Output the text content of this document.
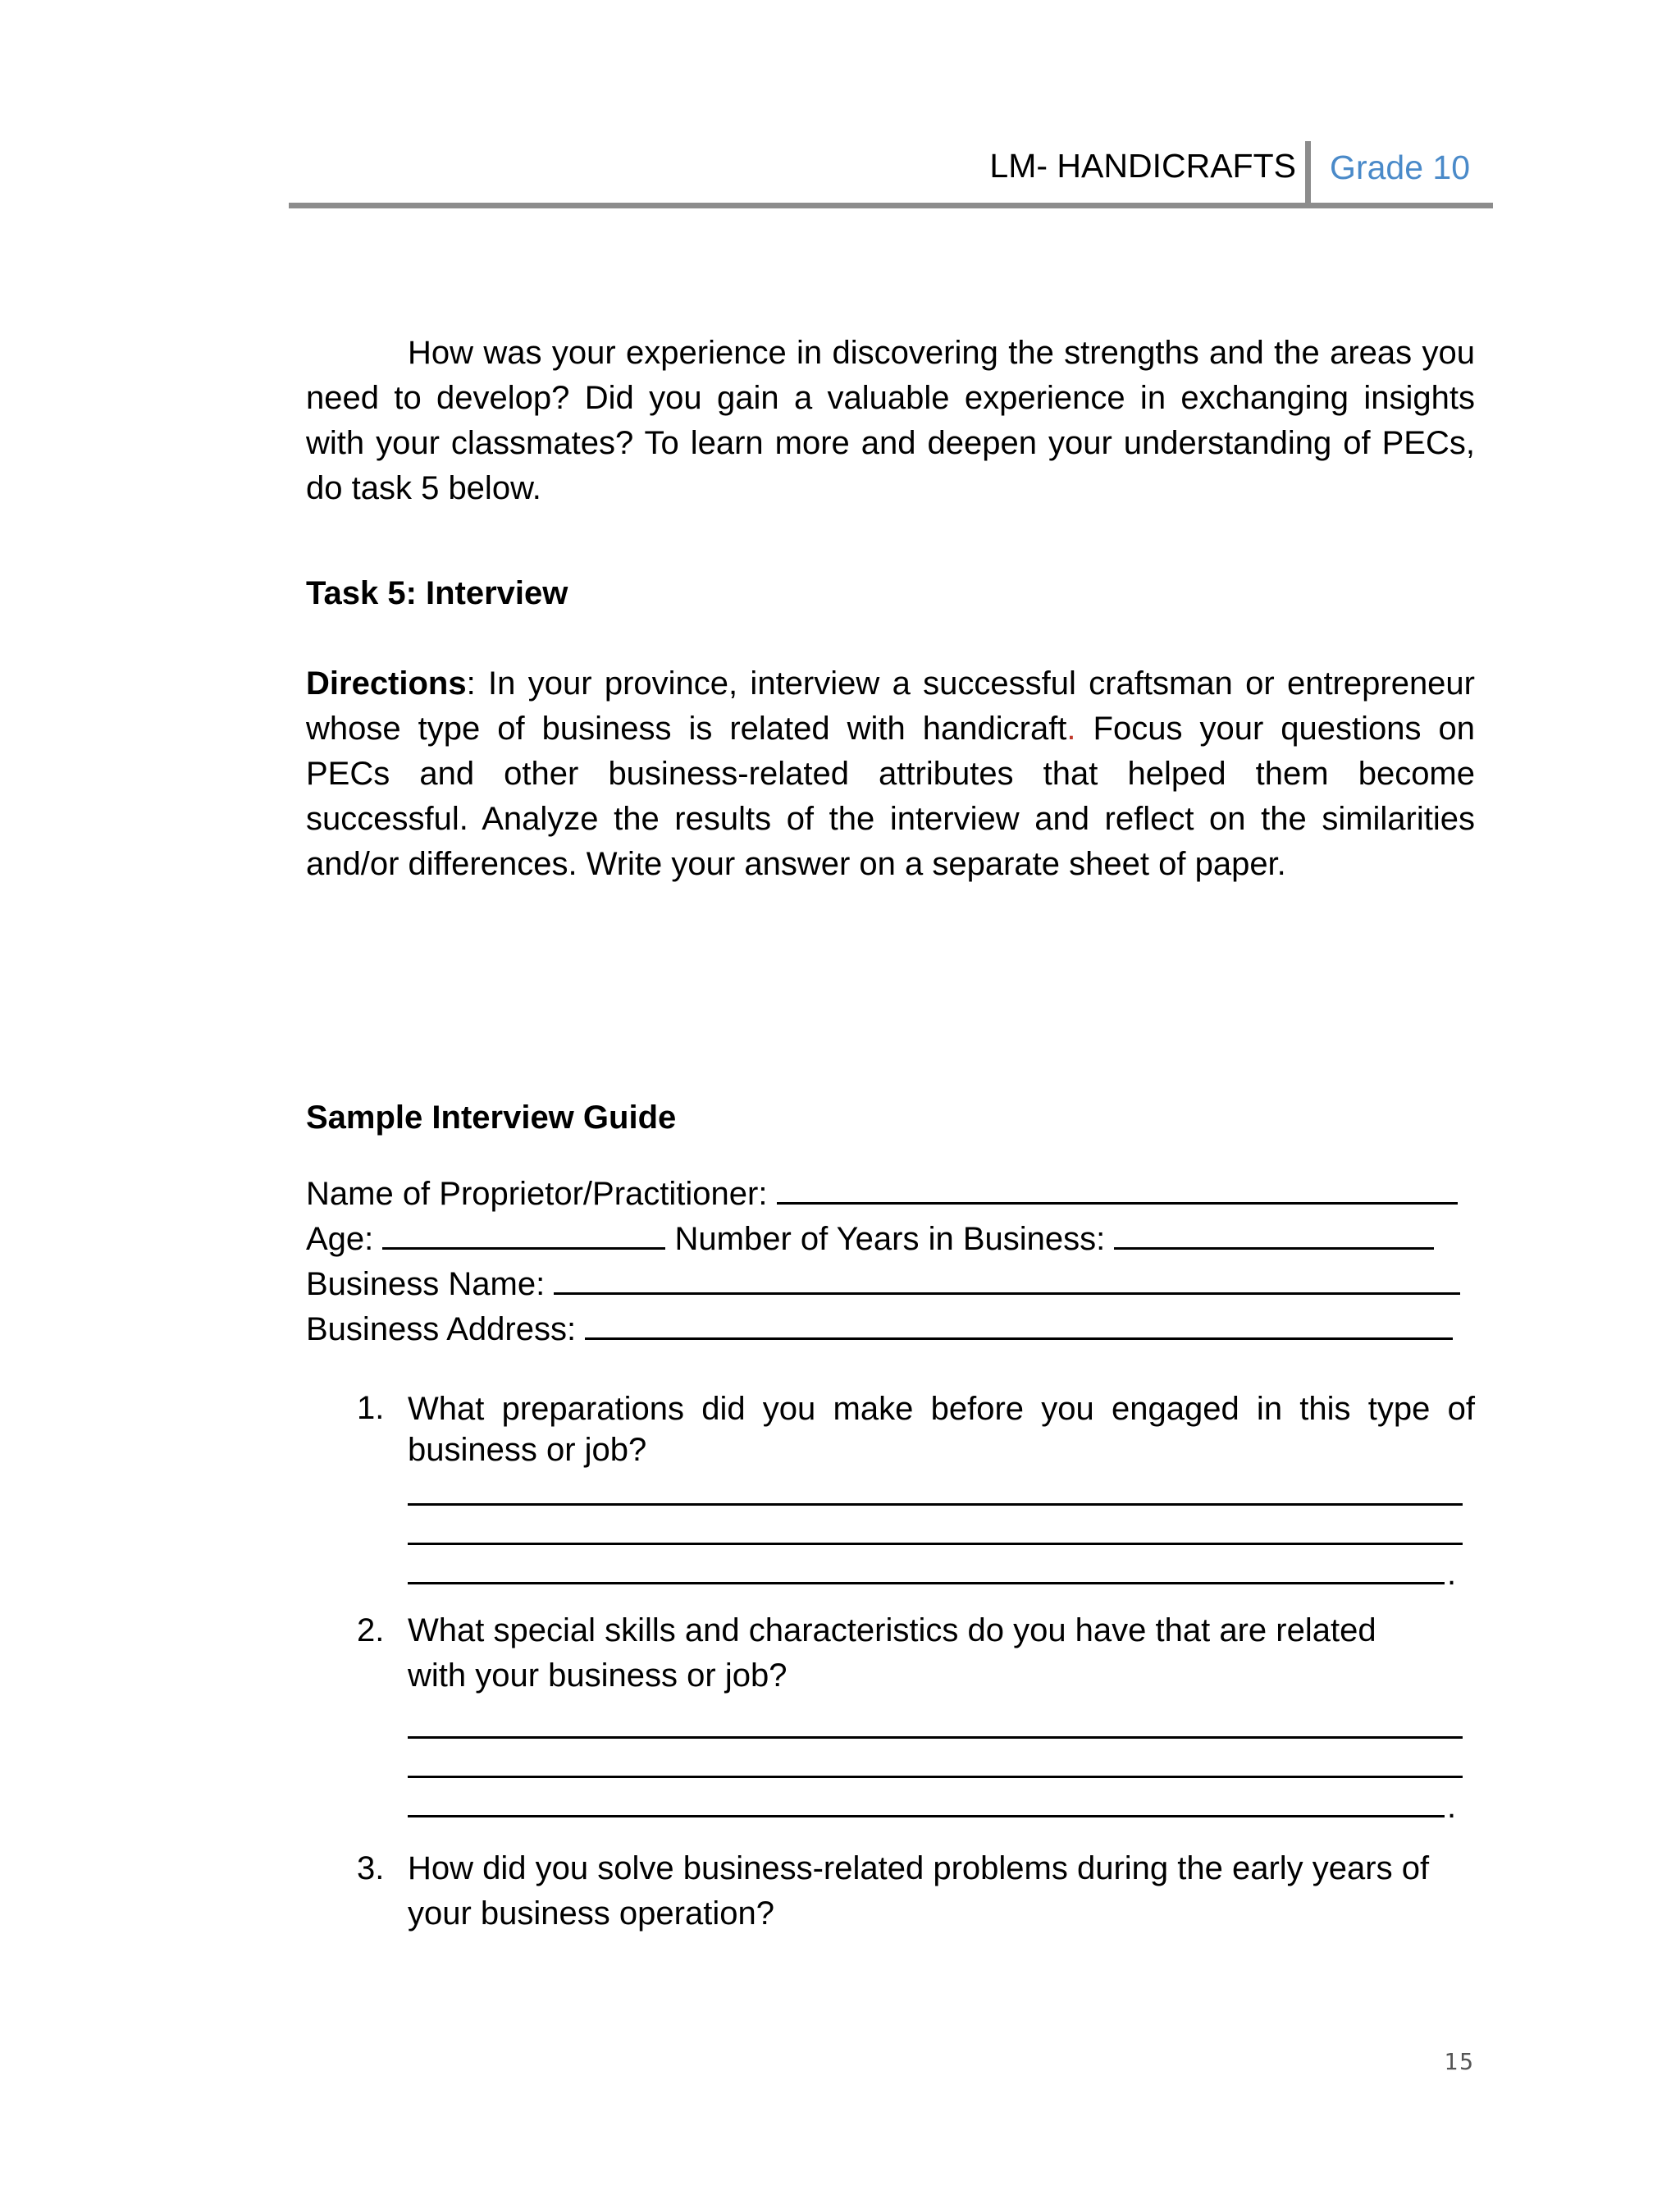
LM- HANDICRAFTS Grade 10

How was your experience in discovering the strengths and the areas you need to develop? Did you gain a valuable experience in exchanging insights with your classmates? To learn more and deepen your understanding of PECs, do task 5 below.

Task 5: Interview

Directions: In your province, interview a successful craftsman or entrepreneur whose type of business is related with handicraft. Focus your questions on PECs and other business-related attributes that helped them become successful. Analyze the results of the interview and reflect on the similarities and/or differences. Write your answer on a separate sheet of paper.

Sample Interview Guide
Name of Proprietor/Practitioner:
Age:	Number of Years in Business:
Business Name:
Business Address:
1. What preparations did you make before you engaged in this type of business or job?
.
2. What special skills and characteristics do you have that are related with your business or job?
.
3. How did you solve business-related problems during the early years of your business operation?
15
